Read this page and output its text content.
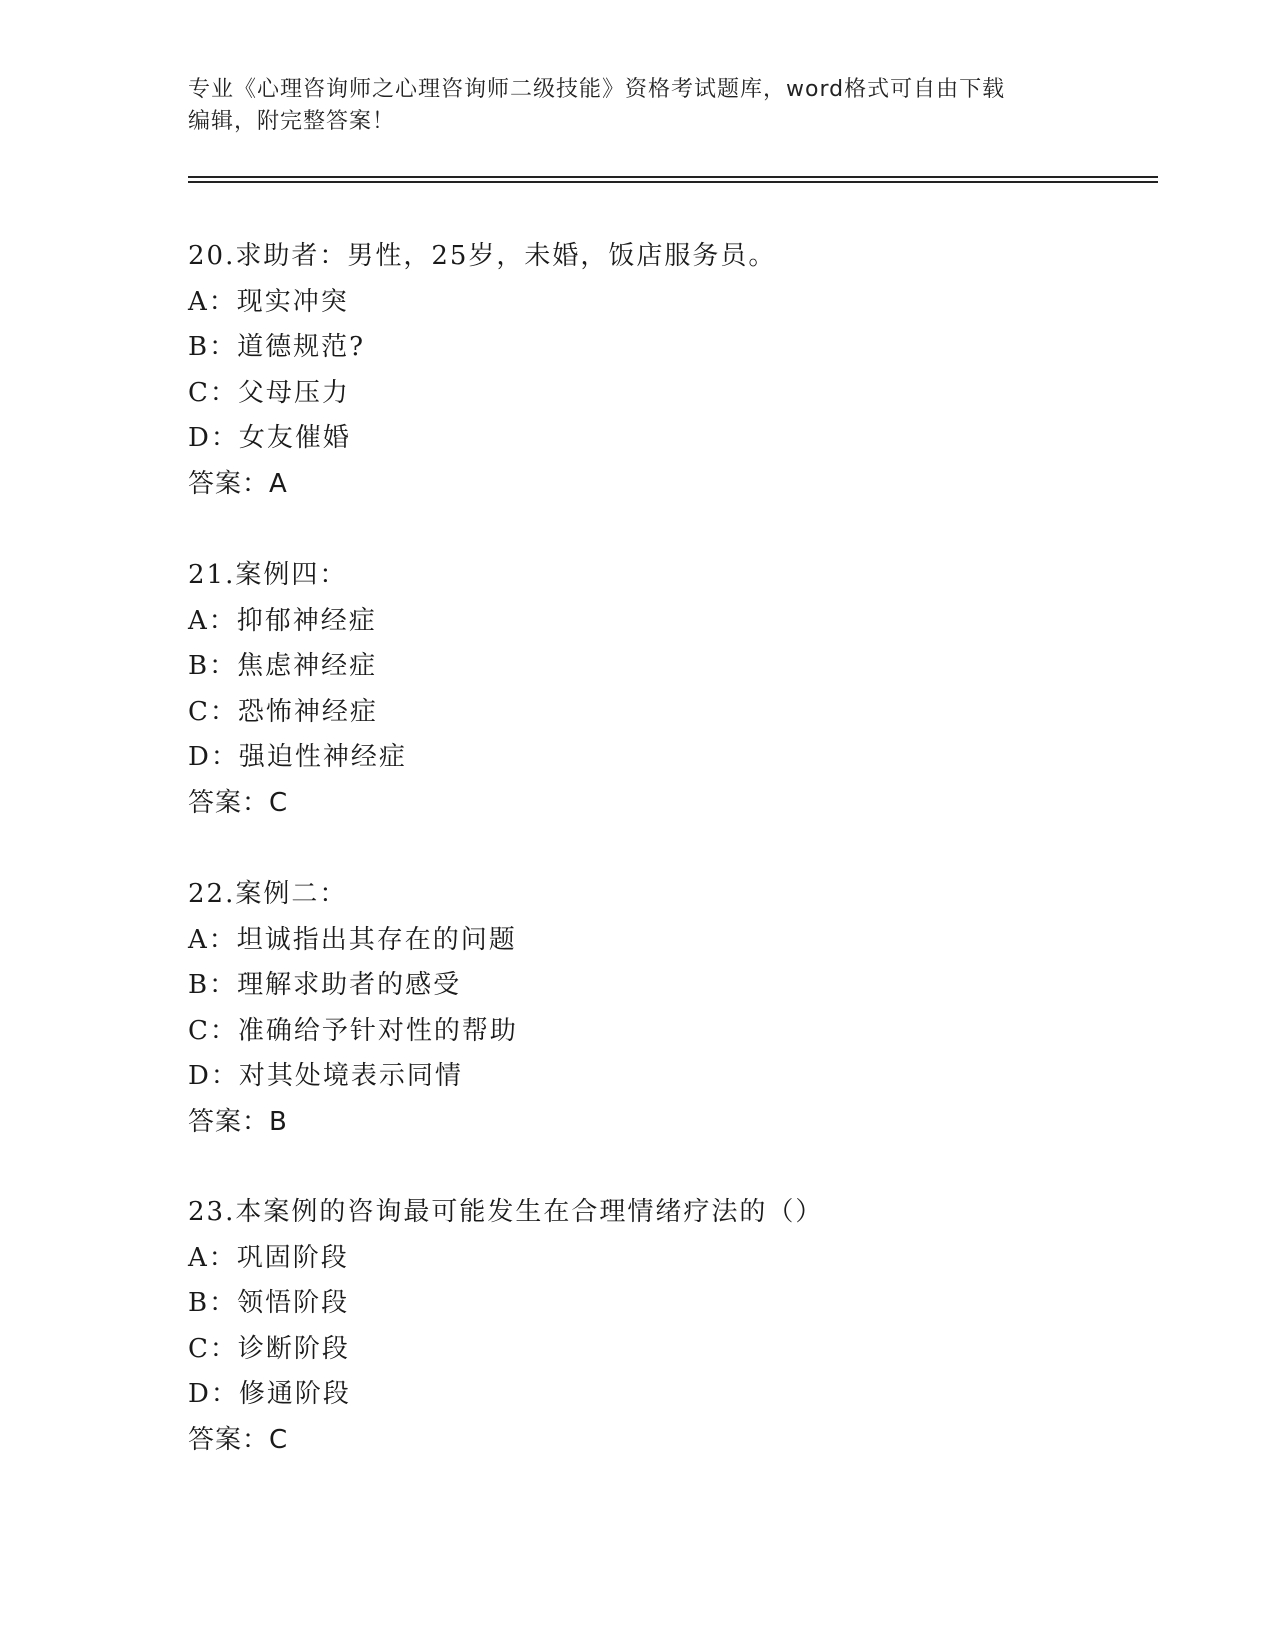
专业《心理咨询师之心理咨询师二级技能》资格考试题库，word格式可自由下载
编辑，附完整答案！
20.求助者：男性，25岁，未婚，饭店服务员。
A：现实冲突
B：道德规范?
C：父母压力
D：女友催婚
答案：A
21.案例四：
A：抑郁神经症
B：焦虑神经症
C：恐怖神经症
D：强迫性神经症
答案：C
22.案例二：
A：坦诚指出其存在的问题
B：理解求助者的感受
C：准确给予针对性的帮助
D：对其处境表示同情
答案：B
23.本案例的咨询最可能发生在合理情绪疗法的（）
A：巩固阶段
B：领悟阶段
C：诊断阶段
D：修通阶段
答案：C
